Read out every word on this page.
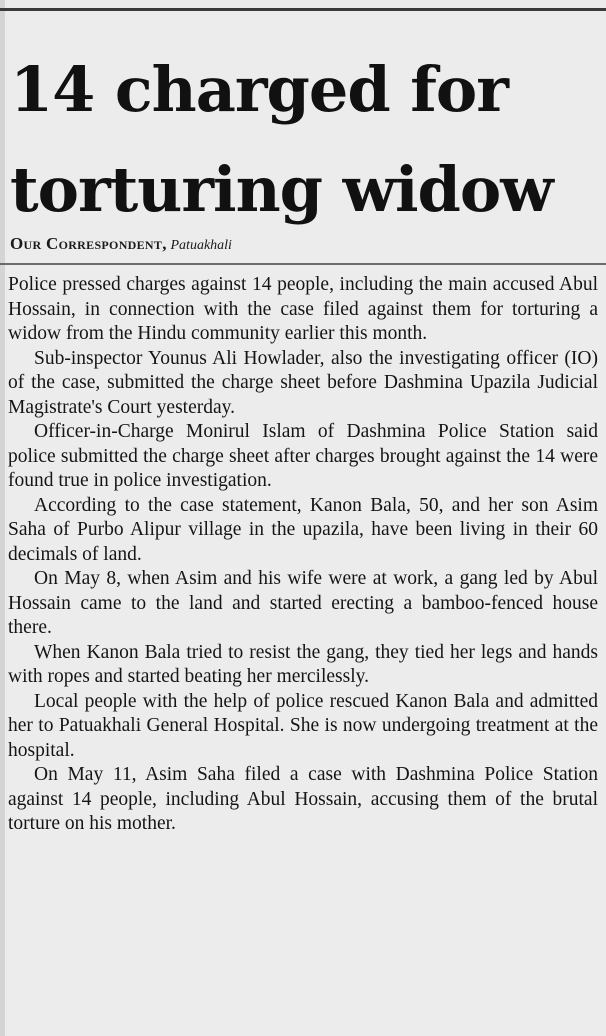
14 charged for
torturing widow
Our Correspondent, Patuakhali

Police pressed charges against 14 people, including the main accused Abul Hossain, in connection with the case filed against them for torturing a widow from the Hindu community earlier this month.

Sub-inspector Younus Ali Howlader, also the investigating officer (IO) of the case, submitted the charge sheet before Dashmina Upazila Judicial Magistrate's Court yesterday.

Officer-in-Charge Monirul Islam of Dashmina Police Station said police submitted the charge sheet after charges brought against the 14 were found true in police investigation.

According to the case statement, Kanon Bala, 50, and her son Asim Saha of Purbo Alipur village in the upazila, have been living in their 60 decimals of land.

On May 8, when Asim and his wife were at work, a gang led by Abul Hossain came to the land and started erecting a bamboo-fenced house there.

When Kanon Bala tried to resist the gang, they tied her legs and hands with ropes and started beating her mercilessly.

Local people with the help of police rescued Kanon Bala and admitted her to Patuakhali General Hospital. She is now undergoing treatment at the hospital.

On May 11, Asim Saha filed a case with Dashmina Police Station against 14 people, including Abul Hossain, accusing them of the brutal torture on his mother.
